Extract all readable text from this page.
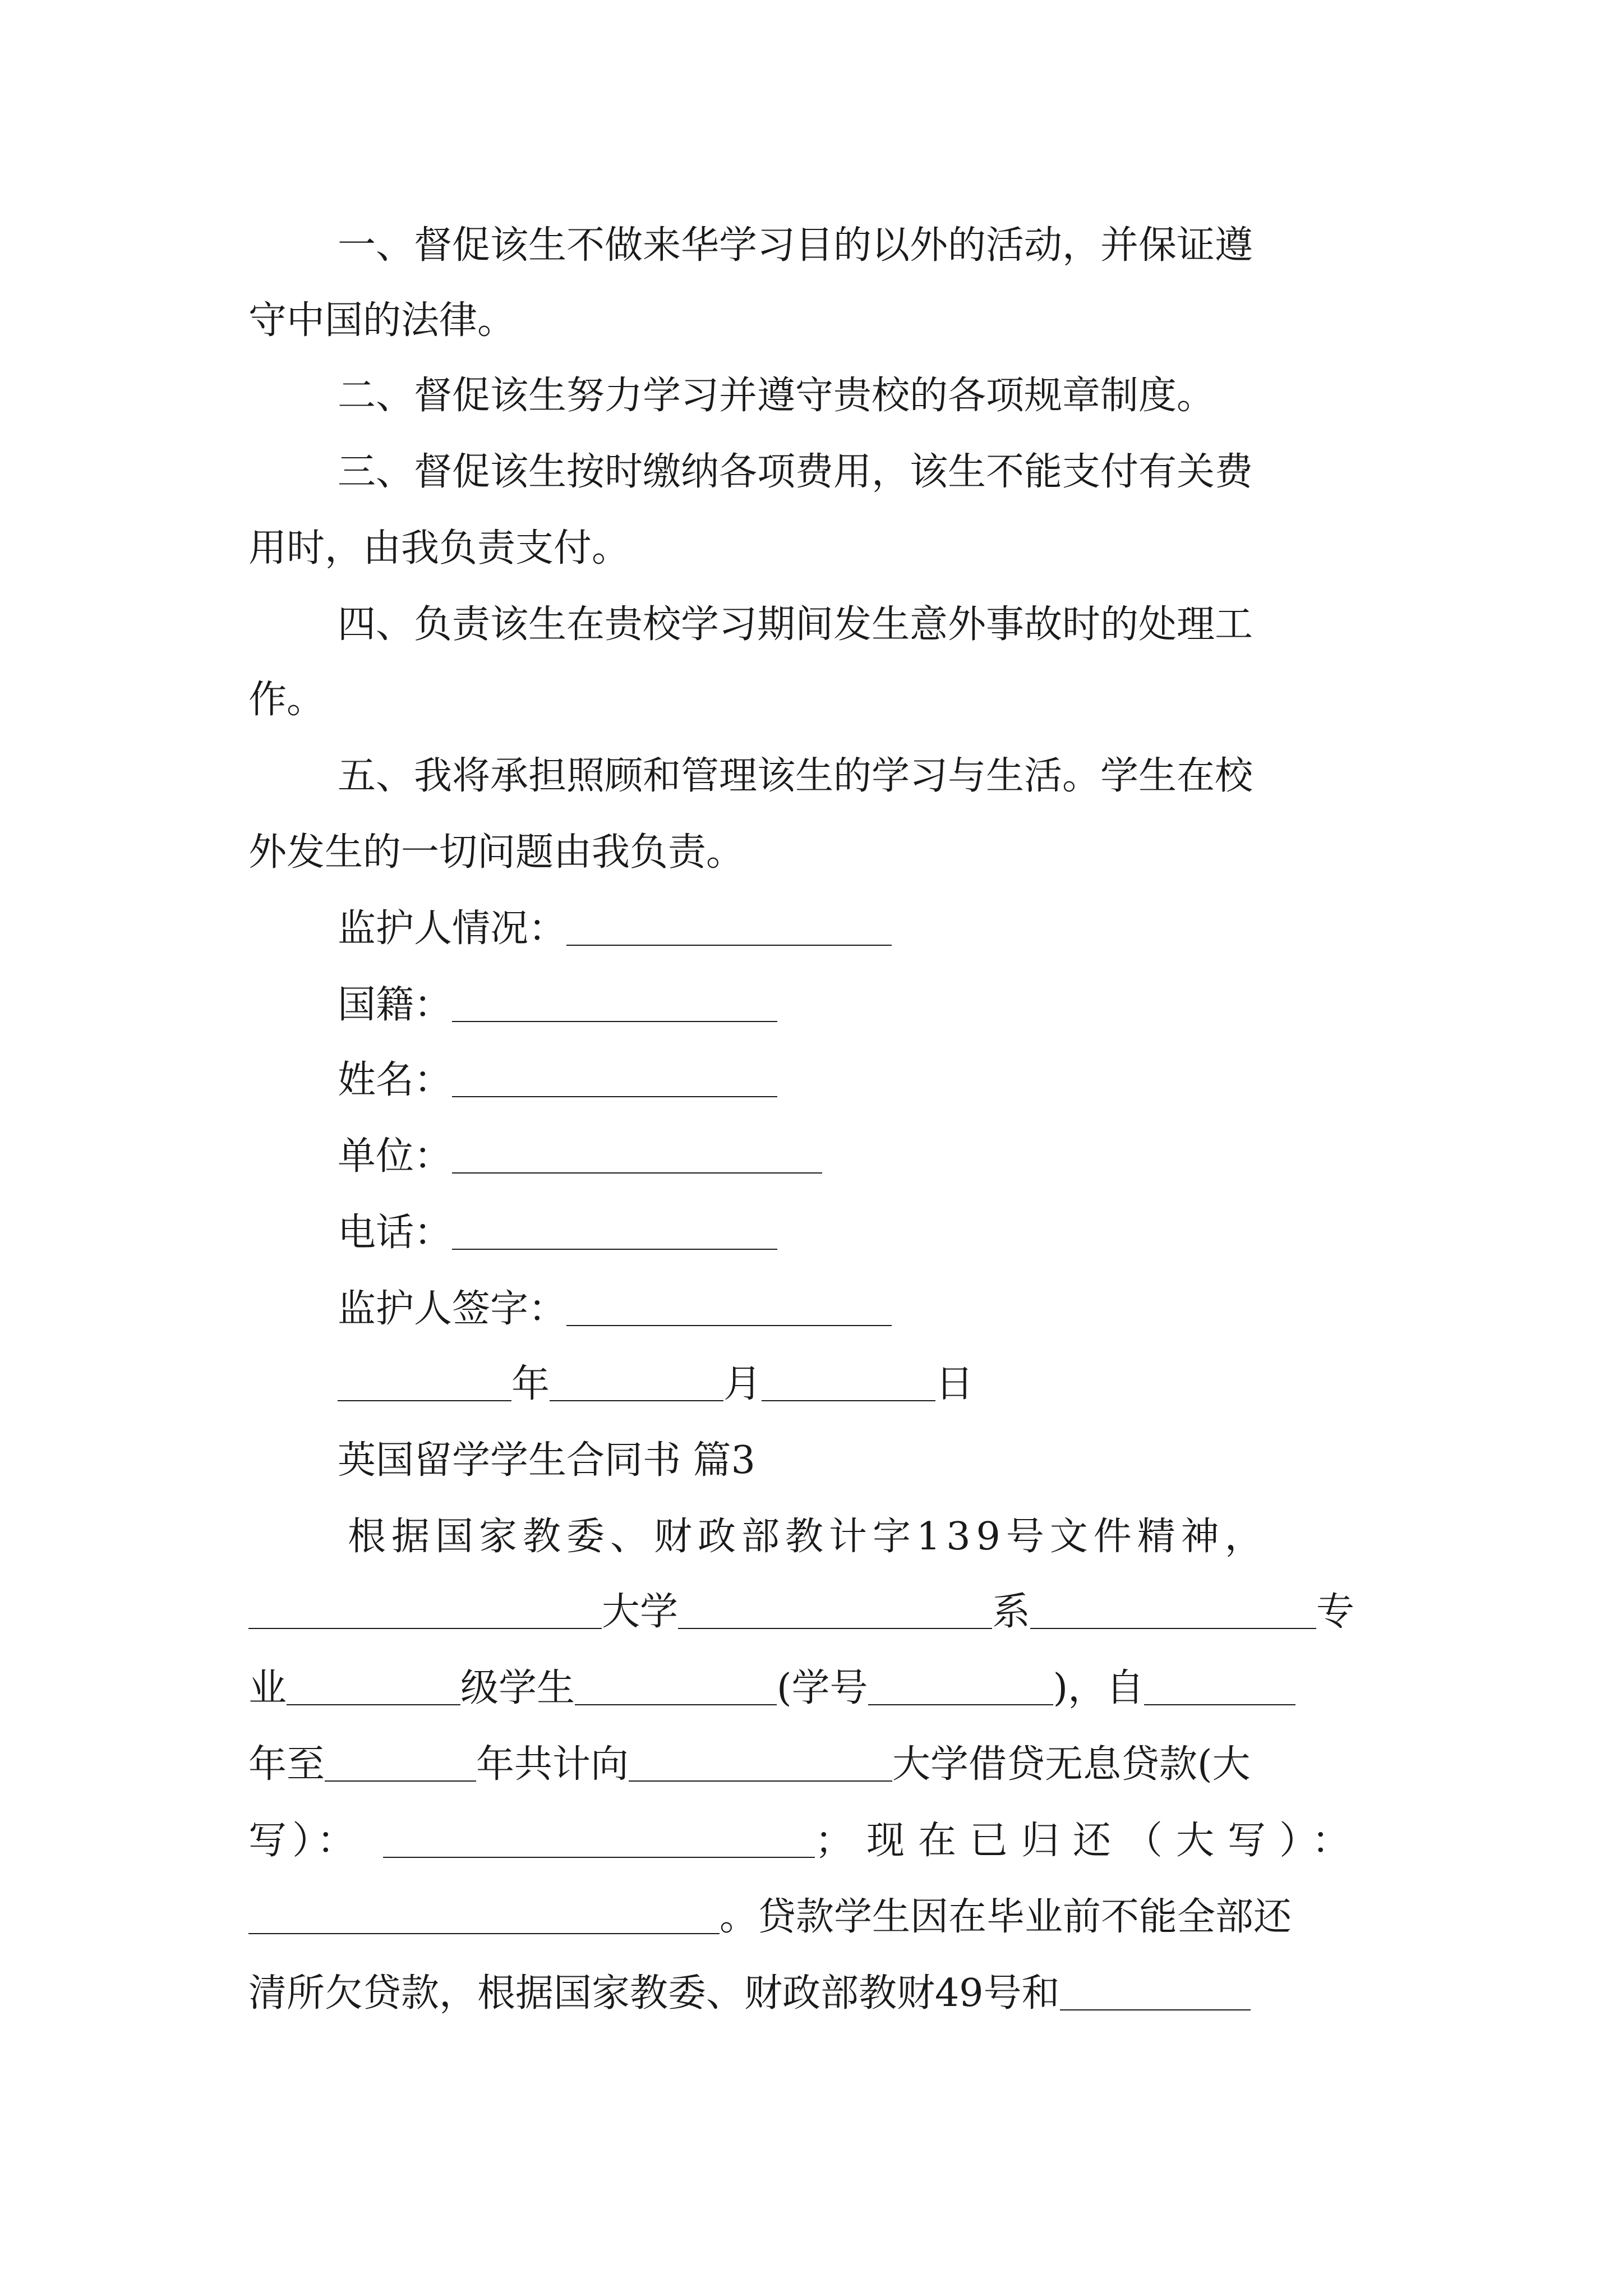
一、督促该生不做来华学习目的以外的活动，并保证遵
守中国的法律。
二、督促该生努力学习并遵守贵校的各项规章制度。
三、督促该生按时缴纳各项费用，该生不能支付有关费
用时，由我负责支付。
四、负责该生在贵校学习期间发生意外事故时的处理工
作。
五、我将承担照顾和管理该生的学习与生活。学生在校
外发生的一切问题由我负责。
监护人情况：
国籍：
姓名：
单位：
电话：
监护人签字：
年	月	日
英国留学学生合同书 篇3
根据国家教委、财政部教计字139号文件精神，
大学	系	专
业	级学生	(学号	)，自
年至	年共计向	大学借贷无息贷款(大
写）：	；现在已归还（大写）：
。贷款学生因在毕业前不能全部还
清所欠贷款，根据国家教委、财政部教财49号和
